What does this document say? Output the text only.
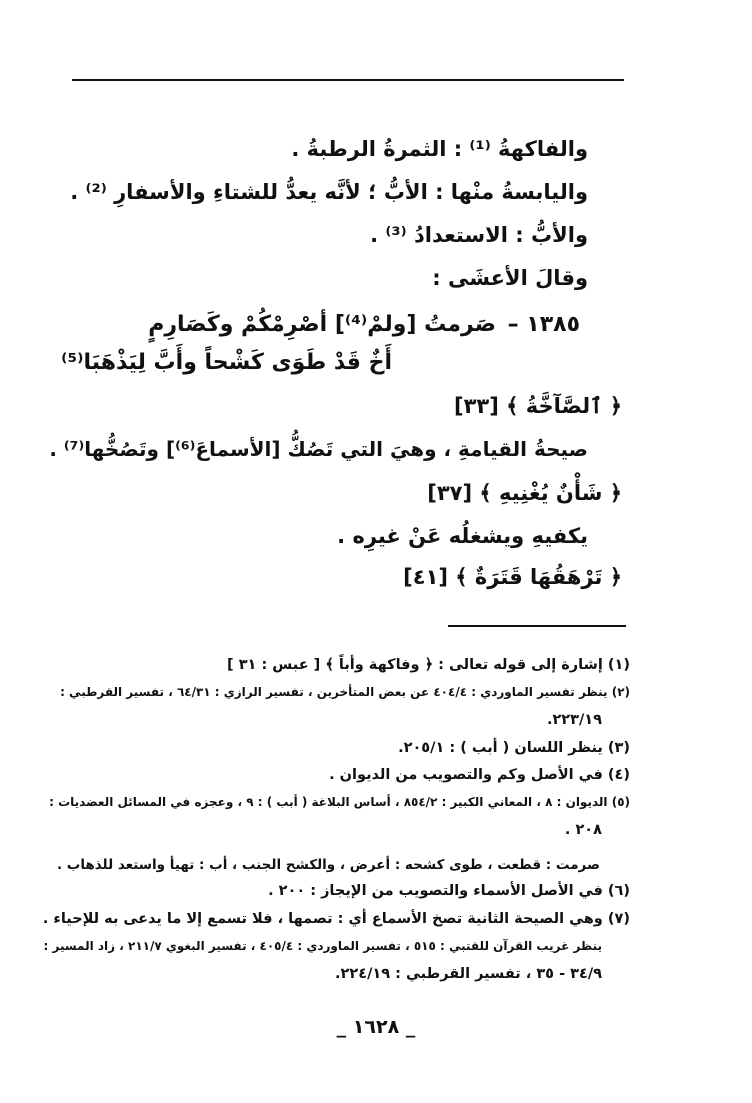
والفاكهةُ ⁽¹⁾ : الثمرةُ الرطبةُ .
واليابسةُ منْها : الأبُّ ؛ لأنَّه يعدُّ للشتاءِ والأسفارِ ⁽²⁾ .
والأبُّ : الاستعدادُ ⁽³⁾ .
وقالَ الأعشَى :
١٣٨٥ –
صَرمتُ [ولمْ⁽⁴⁾] أصْرِمْكُمْ وكَصَارِمٍ
أَخٌ قَدْ طَوَى كَشْحاً وأَبَّ لِيَذْهَبَا⁽⁵⁾
﴿ ٱلصَّآخَّةُ ﴾ [٣٣]
صيحةُ القيامةِ ، وهيَ التي تَصُكُّ [الأسماعَ⁽⁶⁾] وتَصُخُّها⁽⁷⁾ .
﴿ شَأْنٌ يُغْنِيهِ ﴾ [٣٧]
يكفيهِ ويشغلُه عَنْ غيرِه .
﴿ تَرْهَقُهَا قَتَرَةٌ ﴾ [٤١]
(١) إشارة إلى قوله تعالى : ﴿ وفاكهة وأباً ﴾ [ عبس : ٣١ ]
(٢) ينظر تفسير الماوردي : ٤٠٤/٤ عن بعض المتأخرين ، تفسير الرازي : ٦٤/٣١ ، تفسير القرطبي :
٢٢٣/١٩.
(٣) ينظر اللسان ( أبب ) : ٢٠٥/١.
(٤) في الأصل وكم والتصويب من الديوان .
(٥) الديوان : ٨ ، المعاني الكبير : ٨٥٤/٢ ، أساس البلاغة ( أبب ) : ٩ ، وعجزه في المسائل العضديات :
٢٠٨ .
صرمت : قطعت ، طوى كشحه : أعرض ، والكشح الجنب ، أب : تهيأ واستعد للذهاب .
(٦) في الأصل الأسماء والتصويب من الإيجاز : ٢٠٠ .
(٧) وهي الصيحة الثانية تصخ الأسماع أي : تصمها ، فلا تسمع إلا ما يدعى به للإحياء .
ينظر غريب القرآن للقتبي : ٥١٥ ، تفسير الماوردي : ٤٠٥/٤ ، تفسير البغوي ٢١١/٧ ، زاد المسير :
٣٤/٩ - ٣٥ ، تفسير القرطبي : ٢٢٤/١٩.
_ ١٦٢٨ _
